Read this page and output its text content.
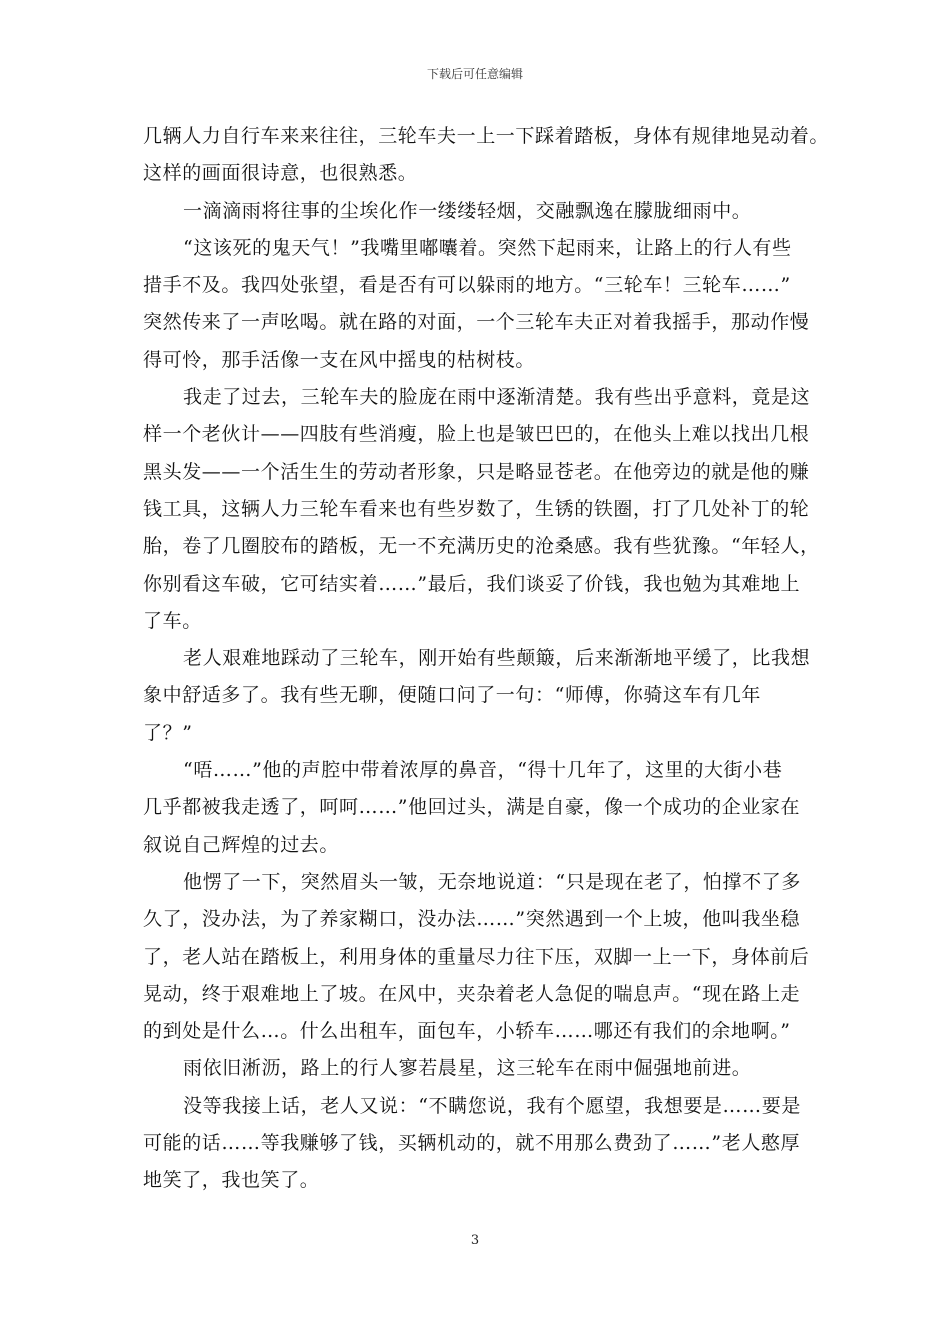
下载后可任意编辑
几辆人力自行车来来往往，三轮车夫一上一下踩着踏板，身体有规律地晃动着。
这样的画面很诗意，也很熟悉。
一滴滴雨将往事的尘埃化作一缕缕轻烟，交融飘逸在朦胧细雨中。
“这该死的鬼天气！”我嘴里嘟囔着。突然下起雨来，让路上的行人有些
措手不及。我四处张望，看是否有可以躲雨的地方。“三轮车！三轮车……”
突然传来了一声吆喝。就在路的对面，一个三轮车夫正对着我摇手，那动作慢
得可怜，那手活像一支在风中摇曳的枯树枝。
我走了过去，三轮车夫的脸庞在雨中逐渐清楚。我有些出乎意料，竟是这
样一个老伙计——四肢有些消瘦，脸上也是皱巴巴的，在他头上难以找出几根
黑头发——一个活生生的劳动者形象，只是略显苍老。在他旁边的就是他的赚
钱工具，这辆人力三轮车看来也有些岁数了，生锈的铁圈，打了几处补丁的轮
胎，卷了几圈胶布的踏板，无一不充满历史的沧桑感。我有些犹豫。“年轻人，
你别看这车破，它可结实着……”最后，我们谈妥了价钱，我也勉为其难地上
了车。
老人艰难地踩动了三轮车，刚开始有些颠簸，后来渐渐地平缓了，比我想
象中舒适多了。我有些无聊，便随口问了一句：“师傅，你骑这车有几年
了？”
“唔……”他的声腔中带着浓厚的鼻音，“得十几年了，这里的大街小巷
几乎都被我走透了，呵呵……”他回过头，满是自豪，像一个成功的企业家在
叙说自己辉煌的过去。
他愣了一下，突然眉头一皱，无奈地说道：“只是现在老了，怕撑不了多
久了，没办法，为了养家糊口，没办法……”突然遇到一个上坡，他叫我坐稳
了，老人站在踏板上，利用身体的重量尽力往下压，双脚一上一下，身体前后
晃动，终于艰难地上了坡。在风中，夹杂着老人急促的喘息声。“现在路上走
的到处是什么…。什么出租车，面包车，小轿车……哪还有我们的余地啊。”
雨依旧淅沥，路上的行人寥若晨星，这三轮车在雨中倔强地前进。
没等我接上话，老人又说：“不瞒您说，我有个愿望，我想要是……要是
可能的话……等我赚够了钱，买辆机动的，就不用那么费劲了……”老人憨厚
地笑了，我也笑了。
3
